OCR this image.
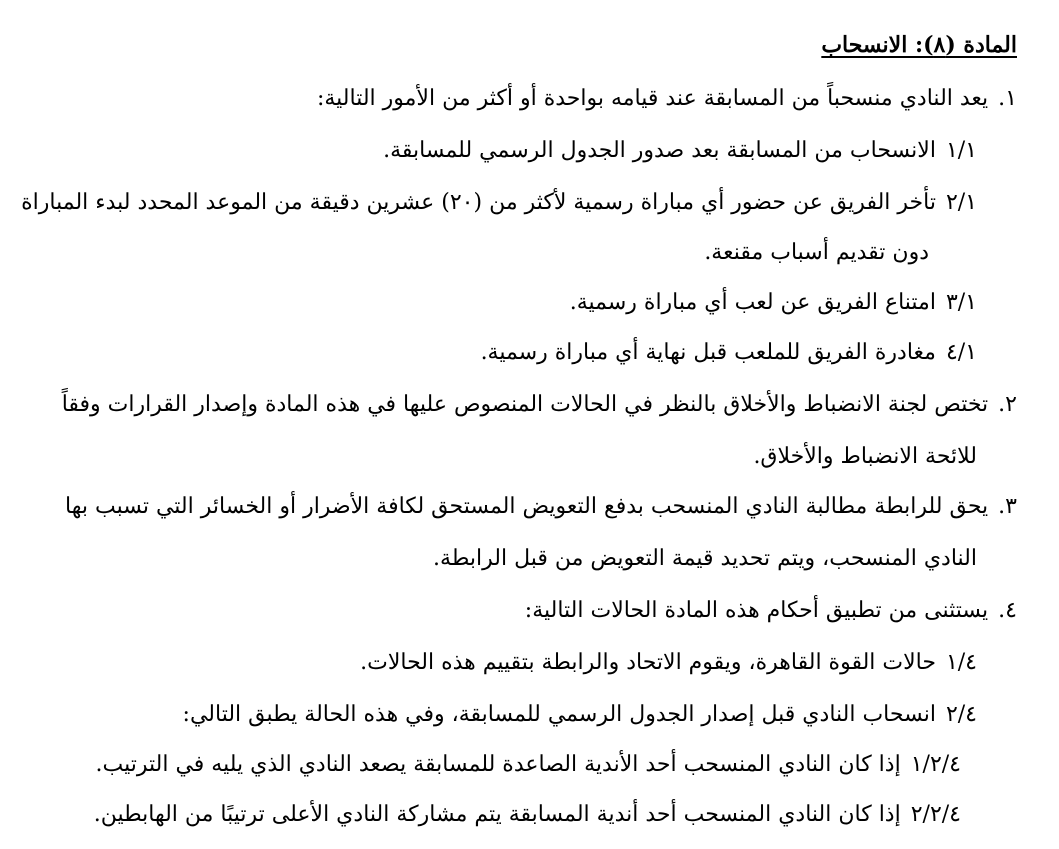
المادة (٨): الانسحاب
١.
يعد النادي منسحباً من المسابقة عند قيامه بواحدة أو أكثر من الأمور التالية:
١/١
الانسحاب من المسابقة بعد صدور الجدول الرسمي للمسابقة.
٢/١
تأخر الفريق عن حضور أي مباراة رسمية لأكثر من (٢٠) عشرين دقيقة من الموعد المحدد لبدء المباراة
دون تقديم أسباب مقنعة.
٣/١
امتناع الفريق عن لعب أي مباراة رسمية.
٤/١
مغادرة الفريق للملعب قبل نهاية أي مباراة رسمية.
٢.
تختص لجنة الانضباط والأخلاق بالنظر في الحالات المنصوص عليها في هذه المادة وإصدار القرارات وفقاً
للائحة الانضباط والأخلاق.
٣.
يحق للرابطة مطالبة النادي المنسحب بدفع التعويض المستحق لكافة الأضرار أو الخسائر التي تسبب بها
النادي المنسحب، ويتم تحديد قيمة التعويض من قبل الرابطة.
٤.
يستثنى من تطبيق أحكام هذه المادة الحالات التالية:
١/٤
حالات القوة القاهرة، ويقوم الاتحاد والرابطة بتقييم هذه الحالات.
٢/٤
انسحاب النادي قبل إصدار الجدول الرسمي للمسابقة، وفي هذه الحالة يطبق التالي:
١/٢/٤
إذا كان النادي المنسحب أحد الأندية الصاعدة للمسابقة يصعد النادي الذي يليه في الترتيب.
٢/٢/٤
إذا كان النادي المنسحب أحد أندية المسابقة يتم مشاركة النادي الأعلى ترتيبًا من الهابطين.
